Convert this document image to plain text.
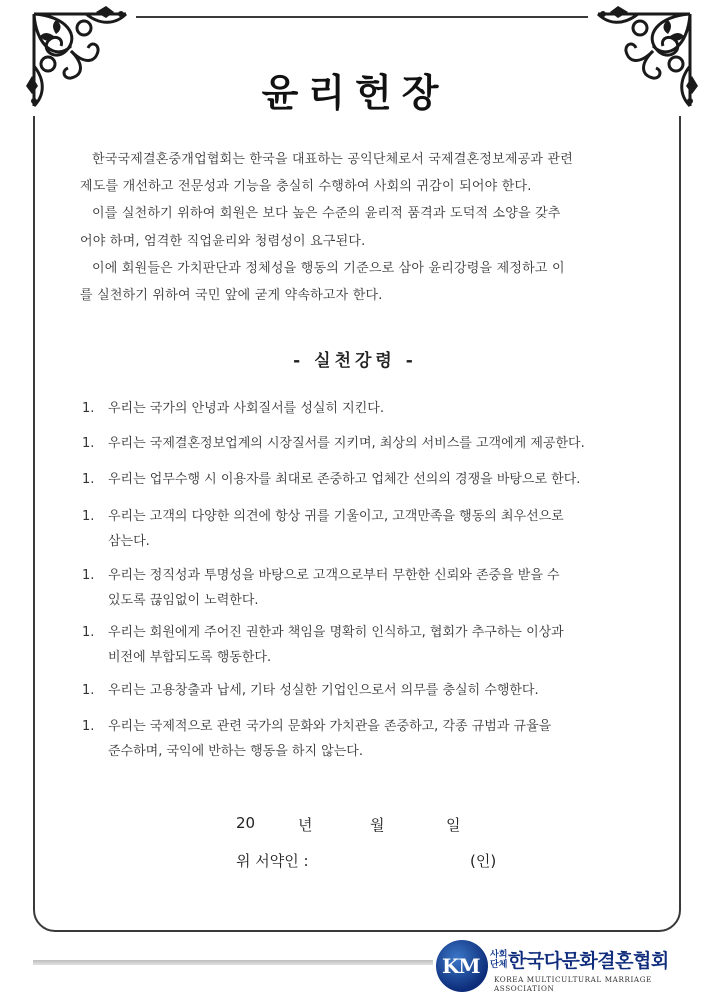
윤리헌장

한국국제결혼중개업협회는 한국을 대표하는 공익단체로서 국제결혼정보제공과 관련

제도를 개선하고 전문성과 기능을 충실히 수행하여 사회의 귀감이 되어야 한다.

이를 실천하기 위하여 회원은 보다 높은 수준의 윤리적 품격과 도덕적 소양을 갖추

어야 하며, 엄격한 직업윤리와 청렴성이 요구된다.

이에 회원들은 가치판단과 정체성을 행동의 기준으로 삼아 윤리강령을 제정하고 이

를 실천하기 위하여 국민 앞에 굳게 약속하고자 한다.

- 실천강령 -
1.	우리는 국가의 안녕과 사회질서를 성실히 지킨다.
1.	우리는 국제결혼정보업계의 시장질서를 지키며, 최상의 서비스를 고객에게 제공한다.
1.	우리는 업무수행 시 이용자를 최대로 존중하고 업체간 선의의 경쟁을 바탕으로 한다.
1.	우리는 고객의 다양한 의견에 항상 귀를 기울이고, 고객만족을 행동의 최우선으로
삼는다.
1.	우리는 정직성과 투명성을 바탕으로 고객으로부터 무한한 신뢰와 존중을 받을 수
있도록 끊임없이 노력한다.
1.	우리는 회원에게 주어진 권한과 책임을 명확히 인식하고, 협회가 추구하는 이상과
비전에 부합되도록 행동한다.
1.	우리는 고용창출과 납세, 기타 성실한 기업인으로서 의무를 충실히 수행한다.
1.	우리는 국제적으로 관련 국가의 문화와 가치관을 존중하고, 각종 규범과 규율을
준수하며, 국익에 반하는 행동을 하지 않는다.
20	년	월	일
위 서약인 :	(인)
KM 사회 단체 한국다문화결혼협회
KOREA MULTICULTURAL MARRIAGE ASSOCIATION
